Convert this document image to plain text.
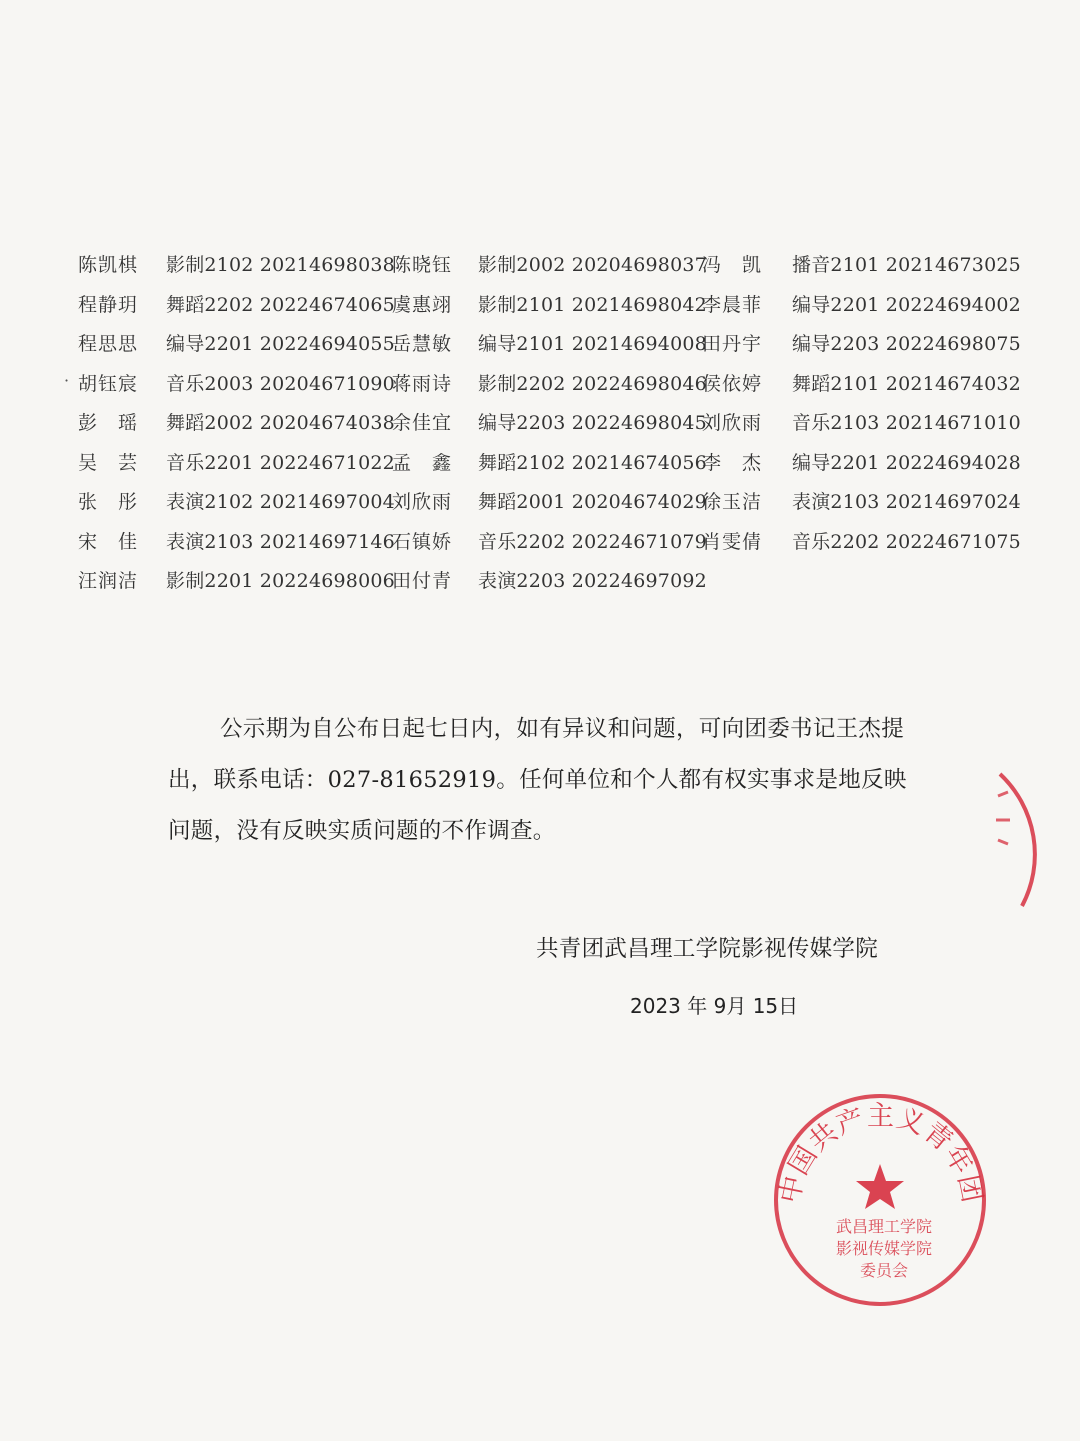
陈凯棋 影制2102 20214698038
陈晓钰 影制2002 20204698037
冯　凯 播音2101 20214673025
程静玥 舞蹈2202 20224674065
虞惠翊 影制2101 20214698042
李晨菲 编导2201 20224694002
程思思 编导2201 20224694055
岳慧敏 编导2101 20214694008
田丹宇 编导2203 20224698075
· 胡钰宸 音乐2003 20204671090
蒋雨诗 影制2202 20224698046
侯依婷 舞蹈2101 20214674032
彭　瑶 舞蹈2002 20204674038
余佳宜 编导2203 20224698045
刘欣雨 音乐2103 20214671010
吴　芸 音乐2201 20224671022
孟　鑫 舞蹈2102 20214674056
李　杰 编导2201 20224694028
张　彤 表演2102 20214697004
刘欣雨 舞蹈2001 20204674029
徐玉洁 表演2103 20214697024
宋　佳 表演2103 20214697146
石镇娇 音乐2202 20224671079
肖雯倩 音乐2202 20224671075
汪润洁 影制2201 20224698006
田付青 表演2203 20224697092

公示期为自公布日起七日内，如有异议和问题，可向团委书记王杰提出，联系电话：027-81652919。任何单位和个人都有权实事求是地反映问题，没有反映实质问题的不作调查。

共青团武昌理工学院影视传媒学院
2023 年 9月 15日
中国共产主义青年团
武昌理工学院
影视传媒学院
委员会
